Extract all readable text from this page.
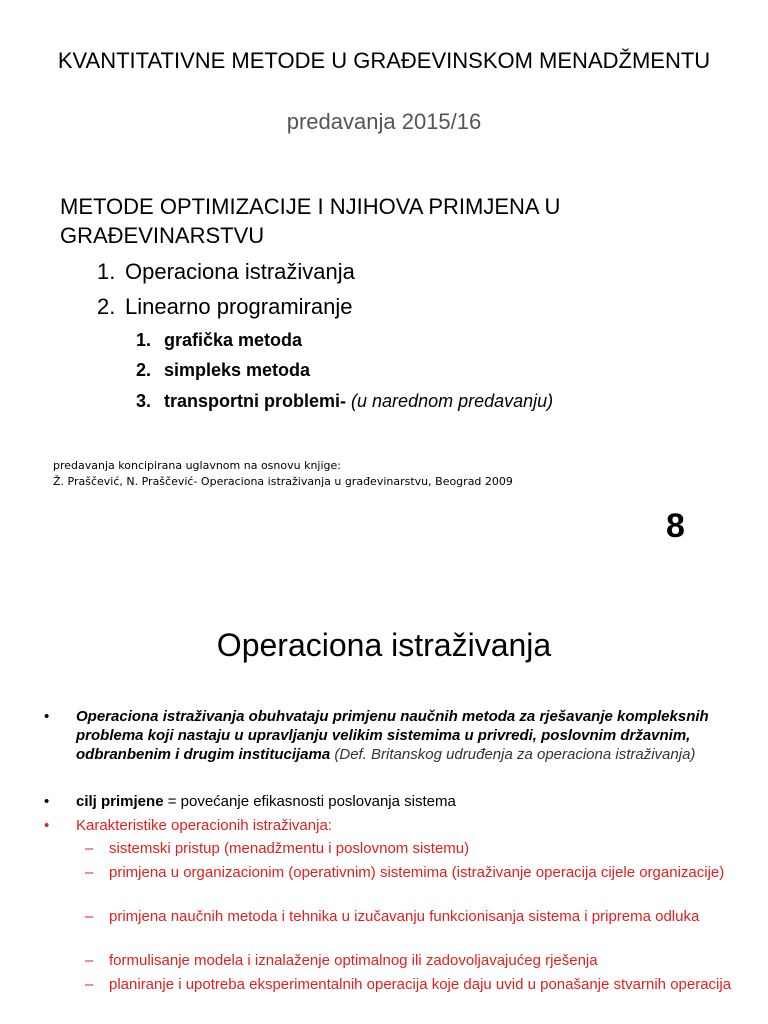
KVANTITATIVNE METODE U GRAĐEVINSKOM MENADŽMENTU
predavanja 2015/16
METODE OPTIMIZACIJE I NJIHOVA PRIMJENA U GRAĐEVINARSTVU
1. Operaciona istraživanja
2. Linearno programiranje
1. grafička metoda
2. simpleks metoda
3. transportni problemi- (u narednom predavanju)
predavanja koncipirana uglavnom na osnovu knjige:
Ž. Praščević, N. Praščević- Operaciona istraživanja u građevinarstvu, Beograd 2009
8
Operaciona istraživanja
• Operaciona istraživanja obuhvataju primjenu naučnih metoda za rješavanje kompleksnih problema koji nastaju u upravljanju velikim sistemima u privredi, poslovnim državnim, odbranbenim i drugim institucijama (Def. Britanskog udruđenja za operaciona istraživanja)
• cilj primjene = povećanje efikasnosti poslovanja sistema
• Karakteristike operacionih istraživanja:
– sistemski pristup (menadžmentu i poslovnom sistemu)
– primjena u organizacionim (operativnim) sistemima (istraživanje operacija cijele organizacije)
– primjena naučnih metoda i tehnika u izučavanju funkcionisanja sistema i priprema odluka
– formulisanje modela i iznalaženje optimalnog ili zadovoljavajućeg rješenja
– planiranje i upotreba eksperimentalnih operacija koje daju uvid u ponašanje stvarnih operacija
